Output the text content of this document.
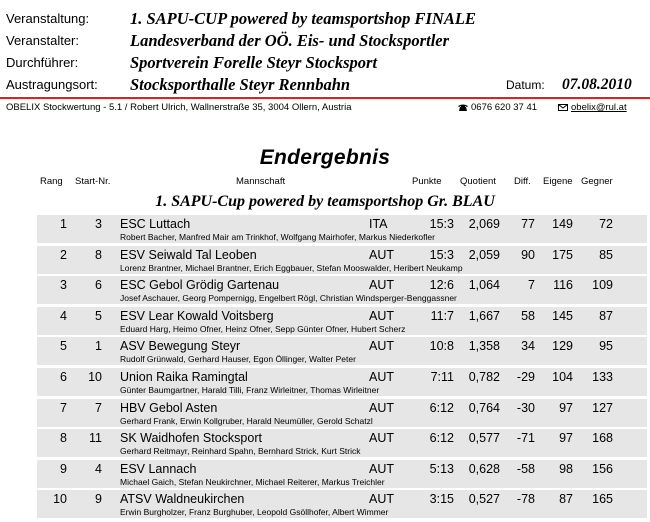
Veranstaltung: 1. SAPU-CUP powered by teamsportshop FINALE
Veranstalter:	Landesverband der OÖ. Eis- und Stocksportler
Durchführer:	Sportverein Forelle Steyr Stocksport
Austragungsort: Stocksporthalle Steyr Rennbahn	Datum: 07.08.2010
OBELIX Stockwertung - 5.1 / Robert Ulrich, Wallnerstraße 35, 3004 Ollern, Austria	0676 620 37 41	obelix@rul.at
Endergebnis
Rang Start-Nr.	Mannschaft	Punkte Quotient Diff. Eigene Gegner
1. SAPU-Cup powered by teamsportshop Gr. BLAU
1	3 ESC Luttach	ITA	15:3	2,069	77	149	72
Robert Bacher, Manfred Mair am Trinkhof, Wolfgang Mairhofer, Markus Niederkofler
2	8 ESV Seiwald Tal Leoben	AUT	15:3	2,059	90	175	85
Lorenz Brantner, Michael Brantner, Erich Eggbauer, Stefan Mooswalder, Heribert Neukamp
3	6 ESC Gebol Grödig Gartenau	AUT	12:6	1,064	7	116	109
Josef Aschauer, Georg Pompernigg, Engelbert Rögl, Christian Windsperger-Benggassner
4	5 ESV Lear Kowald Voitsberg	AUT	11:7	1,667	58	145	87
Eduard Harg, Heimo Ofner, Heinz Ofner, Sepp Günter Ofner, Hubert Scherz
5	1 ASV Bewegung Steyr	AUT	10:8	1,358	34	129	95
Rudolf Grünwald, Gerhard Hauser, Egon Öllinger, Walter Peter
6	10 Union Raika Ramingtal	AUT	7:11	0,782	-29	104	133
Günter Baumgartner, Harald Tilli, Franz Wirleitner, Thomas Wirleitner
7	7 HBV Gebol Asten	AUT	6:12	0,764	-30	97	127
Gerhard Frank, Erwin Kollgruber, Harald Neumüller, Gerold Schatzl
8	11 SK Waidhofen Stocksport	AUT	6:12	0,577	-71	97	168
Gerhard Reitmayr, Reinhard Spahn, Bernhard Strick, Kurt Strick
9	4 ESV Lannach	AUT	5:13	0,628	-58	98	156
Michael Gaich, Stefan Neukirchner, Michael Reiterer, Markus Treichler
10	9 ATSV Waldneukirchen	AUT	3:15	0,527	-78	87	165
Erwin Burgholzer, Franz Burghuber, Leopold Gsöllhofer, Albert Wimmer
